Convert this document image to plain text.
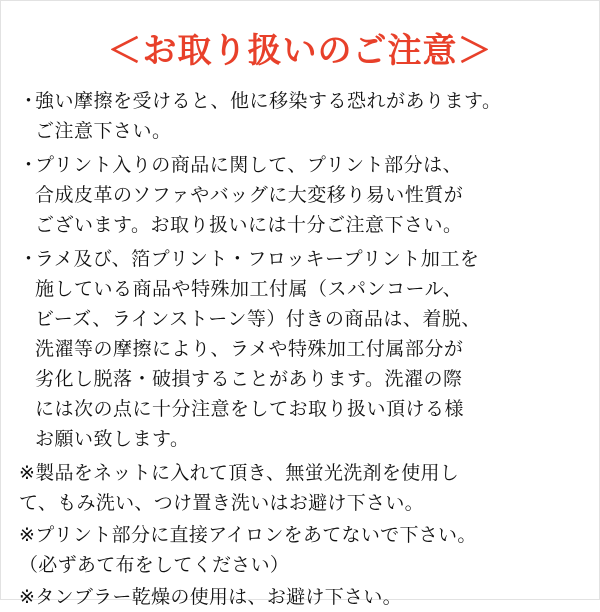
＜お取り扱いのご注意＞
・
強い摩擦を受けると、他に移染する恐れがあります。
ご注意下さい。
・
プリント入りの商品に関して、プリント部分は、
合成皮革のソファやバッグに大変移り易い性質が
ございます。お取り扱いには十分ご注意下さい。
・
ラメ及び、箔プリント・フロッキープリント加工を
施している商品や特殊加工付属（スパンコール、
ビーズ、ラインストーン等）付きの商品は、着脱、
洗濯等の摩擦により、ラメや特殊加工付属部分が
劣化し脱落・破損することがあります。洗濯の際
には次の点に十分注意をしてお取り扱い頂ける様
お願い致します。
※製品をネットに入れて頂き、無蛍光洗剤を使用し
て、もみ洗い、つけ置き洗いはお避け下さい。
※プリント部分に直接アイロンをあてないで下さい。
（必ずあて布をしてください）
※タンブラー乾燥の使用は、お避け下さい。
